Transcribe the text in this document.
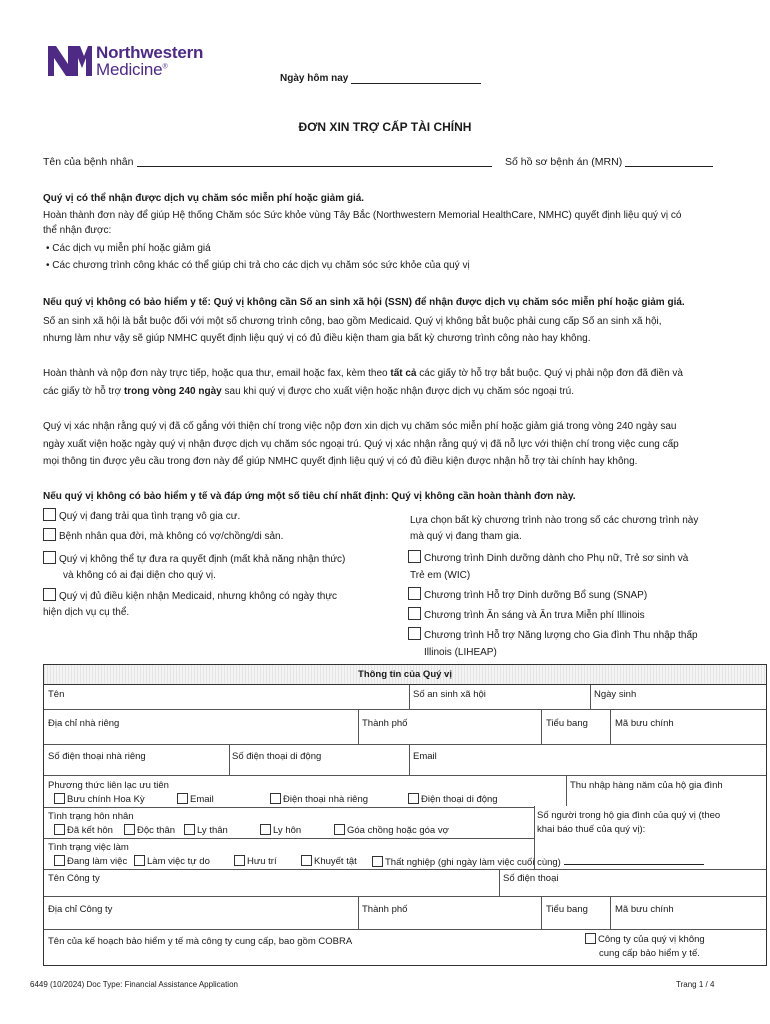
Northwestern
Medicine®
Ngày hôm nay
ĐƠN XIN TRỢ CẤP TÀI CHÍNH
Tên của bệnh nhân	Số hồ sơ bệnh án (MRN)
Quý vị có thể nhận được dịch vụ chăm sóc miễn phí hoặc giảm giá.
Hoàn thành đơn này để giúp Hệ thống Chăm sóc Sức khỏe vùng Tây Bắc (Northwestern Memorial HealthCare, NMHC) quyết định liệu quý vị có
thể nhận được:
• Các dịch vụ miễn phí hoặc giảm giá
• Các chương trình công khác có thể giúp chi trả cho các dịch vụ chăm sóc sức khỏe của quý vị
Nếu quý vị không có bảo hiểm y tế: Quý vị không cần Số an sinh xã hội (SSN) để nhận được dịch vụ chăm sóc miễn phí hoặc giảm giá.
Số an sinh xã hội là bắt buộc đối với một số chương trình công, bao gồm Medicaid. Quý vị không bắt buộc phải cung cấp Số an sinh xã hội,
nhưng làm như vậy sẽ giúp NMHC quyết định liệu quý vị có đủ điều kiện tham gia bất kỳ chương trình công nào hay không.
Hoàn thành và nộp đơn này trực tiếp, hoặc qua thư, email hoặc fax, kèm theo tất cả các giấy tờ hỗ trợ bắt buộc. Quý vị phải nộp đơn đã điền và
các giấy tờ hỗ trợ trong vòng 240 ngày sau khi quý vị được cho xuất viện hoặc nhận được dịch vụ chăm sóc ngoại trú.
Quý vị xác nhận rằng quý vị đã cố gắng với thiện chí trong việc nộp đơn xin dịch vụ chăm sóc miễn phí hoặc giảm giá trong vòng 240 ngày sau
ngày xuất viện hoặc ngày quý vị nhận được dịch vụ chăm sóc ngoại trú. Quý vị xác nhận rằng quý vị đã nỗ lực với thiện chí trong việc cung cấp
mọi thông tin được yêu cầu trong đơn này để giúp NMHC quyết định liệu quý vị có đủ điều kiện được nhận hỗ trợ tài chính hay không.
Nếu quý vị không có bảo hiểm y tế và đáp ứng một số tiêu chí nhất định: Quý vị không cần hoàn thành đơn này.
Quý vị đang trải qua tình trạng vô gia cư.
Bệnh nhân qua đời, mà không có vợ/chồng/di sản.
Quý vị không thể tự đưa ra quyết định (mất khả năng nhận thức)
và không có ai đại diện cho quý vị.
Quý vị đủ điều kiện nhận Medicaid, nhưng không có ngày thực
hiện dịch vụ cụ thể.
Lựa chọn bất kỳ chương trình nào trong số các chương trình này
mà quý vị đang tham gia.
Chương trình Dinh dưỡng dành cho Phụ nữ, Trẻ sơ sinh và
Trẻ em (WIC)
Chương trình Hỗ trợ Dinh dưỡng Bổ sung (SNAP)
Chương trình Ăn sáng và Ăn trưa Miễn phí Illinois
Chương trình Hỗ trợ Năng lượng cho Gia đình Thu nhập thấp
Illinois (LIHEAP)
Thông tin của Quý vị
Tên	Số an sinh xã hội	Ngày sinh
Địa chỉ nhà riêng	Thành phố	Tiểu bang	Mã bưu chính
Số điện thoại nhà riêng	Số điện thoại di động	Email
Phương thức liên lạc ưu tiên	Thu nhập hàng năm của hộ gia đình
Bưu chính Hoa Kỳ	Email	Điện thoại nhà riêng	Điện thoại di động
Tình trạng hôn nhân	Số người trong hộ gia đình của quý vị (theo
khai báo thuế của quý vị):
Đã kết hôn	Độc thân	Ly thân	Ly hôn	Góa chồng hoặc góa vợ
Tình trạng việc làm
Đang làm việc	Làm việc tự do	Hưu trí	Khuyết tật	Thất nghiệp (ghi ngày làm việc cuối cùng)
Tên Công ty	Số điện thoại
Địa chỉ Công ty	Thành phố	Tiểu bang	Mã bưu chính
Tên của kế hoạch bảo hiểm y tế mà công ty cung cấp, bao gồm COBRA	Công ty của quý vị không
cung cấp bảo hiểm y tế.
6449 (10/2024) Doc Type: Financial Assistance Application	Trang 1 / 4
